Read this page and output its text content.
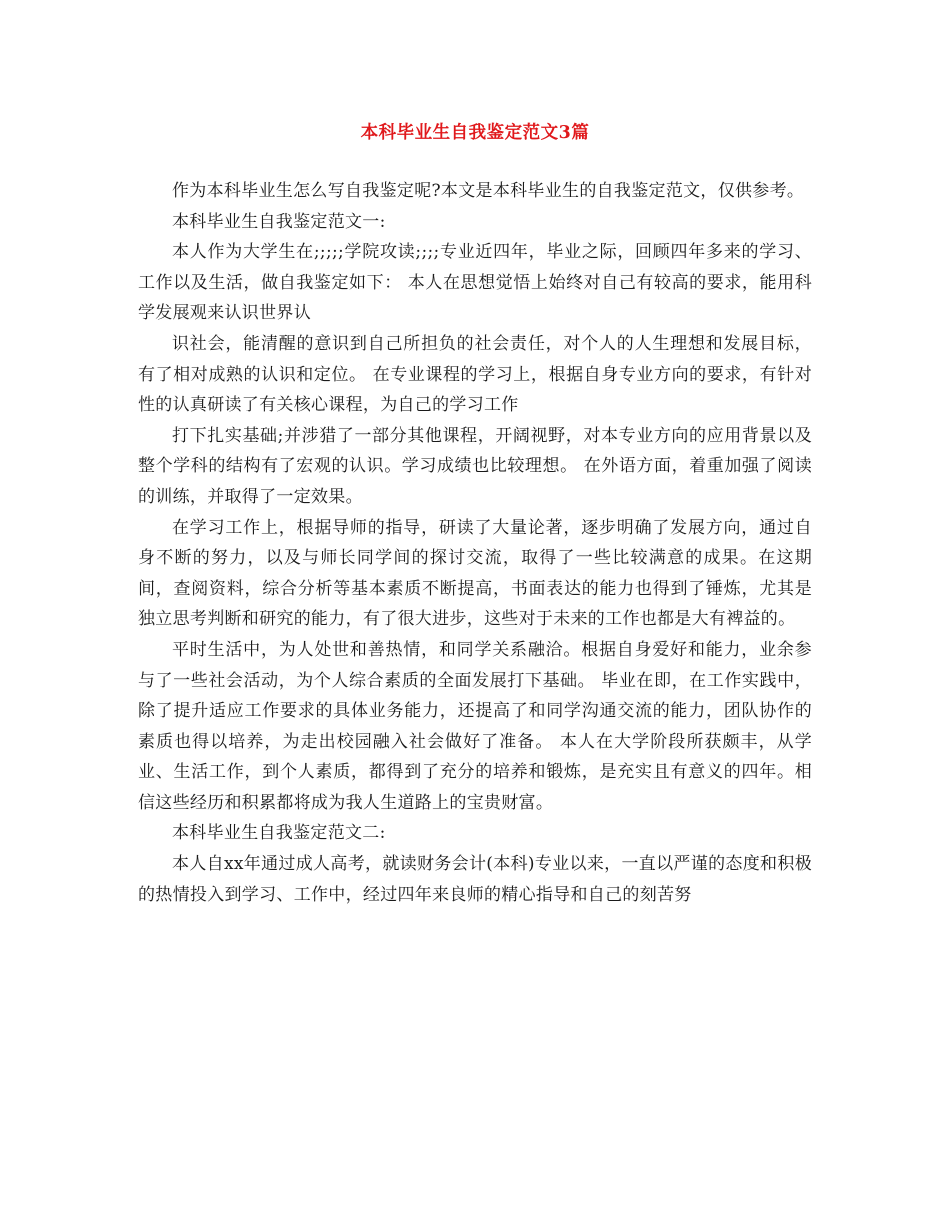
本科毕业生自我鉴定范文3篇

作为本科毕业生怎么写自我鉴定呢?本文是本科毕业生的自我鉴定范文，仅供参考。

本科毕业生自我鉴定范文一:

本人作为大学生在;;;;;学院攻读;;;;专业近四年，毕业之际，回顾四年多来的学习、工作以及生活，做自我鉴定如下： 本人在思想觉悟上始终对自己有较高的要求，能用科学发展观来认识世界认

识社会，能清醒的意识到自己所担负的社会责任，对个人的人生理想和发展目标，有了相对成熟的认识和定位。 在专业课程的学习上，根据自身专业方向的要求，有针对性的认真研读了有关核心课程，为自己的学习工作

打下扎实基础;并涉猎了一部分其他课程，开阔视野，对本专业方向的应用背景以及整个学科的结构有了宏观的认识。学习成绩也比较理想。 在外语方面，着重加强了阅读的训练，并取得了一定效果。

在学习工作上，根据导师的指导，研读了大量论著，逐步明确了发展方向，通过自身不断的努力，以及与师长同学间的探讨交流，取得了一些比较满意的成果。在这期间，查阅资料，综合分析等基本素质不断提高，书面表达的能力也得到了锤炼，尤其是独立思考判断和研究的能力，有了很大进步，这些对于未来的工作也都是大有裨益的。

平时生活中，为人处世和善热情，和同学关系融洽。根据自身爱好和能力，业余参与了一些社会活动，为个人综合素质的全面发展打下基础。 毕业在即，在工作实践中，除了提升适应工作要求的具体业务能力，还提高了和同学沟通交流的能力，团队协作的素质也得以培养，为走出校园融入社会做好了准备。 本人在大学阶段所获颇丰，从学业、生活工作，到个人素质，都得到了充分的培养和锻炼，是充实且有意义的四年。相信这些经历和积累都将成为我人生道路上的宝贵财富。

本科毕业生自我鉴定范文二:

本人自xx年通过成人高考，就读财务会计(本科)专业以来，一直以严谨的态度和积极的热情投入到学习、工作中，经过四年来良师的精心指导和自己的刻苦努
